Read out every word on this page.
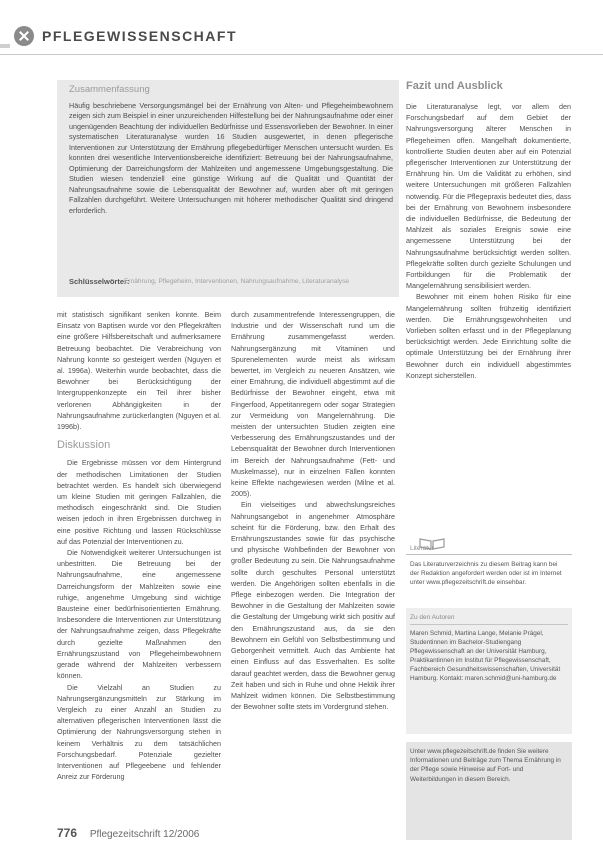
PFLEGEWISSENSCHAFT
Zusammenfassung
Häufig beschriebene Versorgungsmängel bei der Ernährung von Alten- und Pflegeheimbewohnern zeigen sich zum Beispiel in einer unzureichenden Hilfestellung bei der Nahrungsaufnahme oder einer ungenügenden Beachtung der individuellen Bedürfnisse und Essensvorlieben der Bewohner. In einer systematischen Literaturanalyse wurden 16 Studien ausgewertet, in denen pflegerische Interventionen zur Unterstützung der Ernährung pflegebedürftiger Menschen untersucht wurden. Es konnten drei wesentliche Interventionsbereiche identifiziert: Betreuung bei der Nahrungsaufnahme, Optimierung der Darreichungsform der Mahlzeiten und angemessene Umgebungsgestaltung. Die Studien wiesen tendenziell eine günstige Wirkung auf die Qualität und Quantität der Nahrungsaufnahme sowie die Lebensqualität der Bewohner auf, wurden aber oft mit geringen Fallzahlen durchgeführt. Weitere Untersuchungen mit höherer methodischer Qualität sind dringend erforderlich.
Schlüsselwörter:
Ernährung, Pflegeheim, Interventionen, Nahrungsaufnahme, Literaturanalyse

mit statistisch signifikant senken konnte. Beim Einsatz von Baptisen wurde vor den Pflegekräften eine größere Hilfsbereitschaft und aufmerksamere Betreuung beobachtet. Die Verabreichung von Nahrung konnte so gesteigert werden (Nguyen et al. 1996a). Weiterhin wurde beobachtet, dass die Bewohner bei Berücksichtigung der Intergruppenkonzepte ein Teil ihrer bisher verlorenen Abhängigkeiten in der Nahrungsaufnahme zurückerlangten (Nguyen et al. 1996b).

Diskussion

Die Ergebnisse müssen vor dem Hintergrund der methodischen Limitationen der Studien betrachtet werden. Es handelt sich überwiegend um kleine Studien mit geringen Fallzahlen, die methodisch eingeschränkt sind. Die Studien weisen jedoch in ihren Ergebnissen durchweg in eine positive Richtung und lassen Rückschlüsse auf das Potenzial der Interventionen zu.

Die Notwendigkeit weiterer Untersuchungen ist unbestritten. Die Betreuung bei der Nahrungsaufnahme, eine angemessene Darreichungsform der Mahlzeiten sowie eine ruhige, angenehme Umgebung sind wichtige Bausteine einer bedürfnisorientierten Ernährung. Insbesondere die Interventionen zur Unterstützung der Nahrungsaufnahme zeigen, dass Pflegekräfte durch gezielte Maßnahmen den Ernährungszustand von Pflegeheimbewohnern gerade während der Mahlzeiten verbessern können.

Die Vielzahl an Studien zu Nahrungsergänzungsmitteln zur Stärkung im Vergleich zu einer Anzahl an Studien zu alternativen pflegerischen Interventionen lässt die Optimierung der Nahrungsversorgung stehen in keinem Verhältnis zu dem tatsächlichen Forschungsbedarf. Potenziale gezielter Interventionen auf Pflegeebene und fehlender Anreiz zur Förderung

durch zusammentrefende Interessengruppen, die Industrie und der Wissenschaft rund um die Ernährung zusammengefasst werden. Nahrungsergänzung mit Vitaminen und Spurenelementen wurde meist als wirksam bewertet, im Vergleich zu neueren Ansätzen, wie einer Ernährung, die individuell abgestimmt auf die Bedürfnisse der Bewohner eingeht, etwa mit Fingerfood, Appetitanregern oder sogar Strategien zur Vermeidung von Mangelernährung. Die meisten der untersuchten Studien zeigten eine Verbesserung des Ernährungszustandes und der Lebensqualität der Bewohner durch Interventionen im Bereich der Nahrungsaufnahme (Fett- und Muskelmasse), nur in einzelnen Fällen konnten keine Effekte nachgewiesen werden (Milne et al. 2005).

Ein vielseitiges und abwechslungsreiches Nahrungsangebot in angenehmer Atmosphäre scheint für die Förderung, bzw. den Erhalt des Ernährungszustandes sowie für das psychische und physische Wohlbefinden der Bewohner von großer Bedeutung zu sein. Die Nahrungsaufnahme sollte durch geschultes Personal unterstützt werden. Die Angehörigen sollten ebenfalls in die Pflege einbezogen werden. Die Integration der Bewohner in die Gestaltung der Mahlzeiten sowie die Gestaltung der Umgebung wirkt sich positiv auf den Ernährungszustand aus, da sie den Bewohnern ein Gefühl von Selbstbestimmung und Geborgenheit vermittelt. Auch das Ambiente hat einen Einfluss auf das Essverhalten. Es sollte darauf geachtet werden, dass die Bewohner genug Zeit haben und sich in Ruhe und ohne Hektik ihrer Mahlzeit widmen können. Die Selbstbestimmung der Bewohner sollte stets im Vordergrund stehen.

Fazit und Ausblick

Die Literaturanalyse legt, vor allem den Forschungsbedarf auf dem Gebiet der Nahrungsversorgung älterer Menschen in Pflegeheimen offen. Mangelhaft dokumentierte, kontrollierte Studien deuten aber auf ein Potenzial pflegerischer Interventionen zur Unterstützung der Ernährung hin. Um die Validität zu erhöhen, sind weitere Untersuchungen mit größeren Fallzahlen notwendig. Für die Pflegepraxis bedeutet dies, dass bei der Ernährung von Bewohnern insbesondere die individuellen Bedürfnisse, die Bedeutung der Mahlzeit als soziales Ereignis sowie eine angemessene Unterstützung bei der Nahrungsaufnahme berücksichtigt werden sollten. Pflegekräfte sollten durch gezielte Schulungen und Fortbildungen für die Problematik der Mangelernährung sensibilisiert werden.

Bewohner mit einem hohen Risiko für eine Mangelernährung sollten frühzeitig identifiziert werden. Die Ernährungsgewohnheiten und Vorlieben sollten erfasst und in der Pflegeplanung berücksichtigt werden. Jede Einrichtung sollte die optimale Unterstützung bei der Ernährung ihrer Bewohner durch ein individuell abgestimmtes Konzept sicherstellen.

Literatur
Das Literaturverzeichnis zu diesem Beitrag kann bei der Redaktion angefordert werden oder ist im Internet unter www.pflegezeitschrift.de einsehbar.
Zu den Autoren
Maren Schmid, Martina Lange, Melanie Prägel, Studentinnen im Bachelor-Studiengang Pflegewissenschaft an der Universität Hamburg, Praktikantinnen im Institut für Pflegewissenschaft, Fachbereich Gesundheitswissenschaften, Universität Hamburg. Kontakt: maren.schmid@uni-hamburg.de
Unter www.pflegezeitschrift.de finden Sie weitere Informationen und Beiträge zum Thema Ernährung in der Pflege sowie Hinweise auf Fort- und Weiterbildungen in diesem Bereich.
776 Pflegezeitschrift 12/2006
